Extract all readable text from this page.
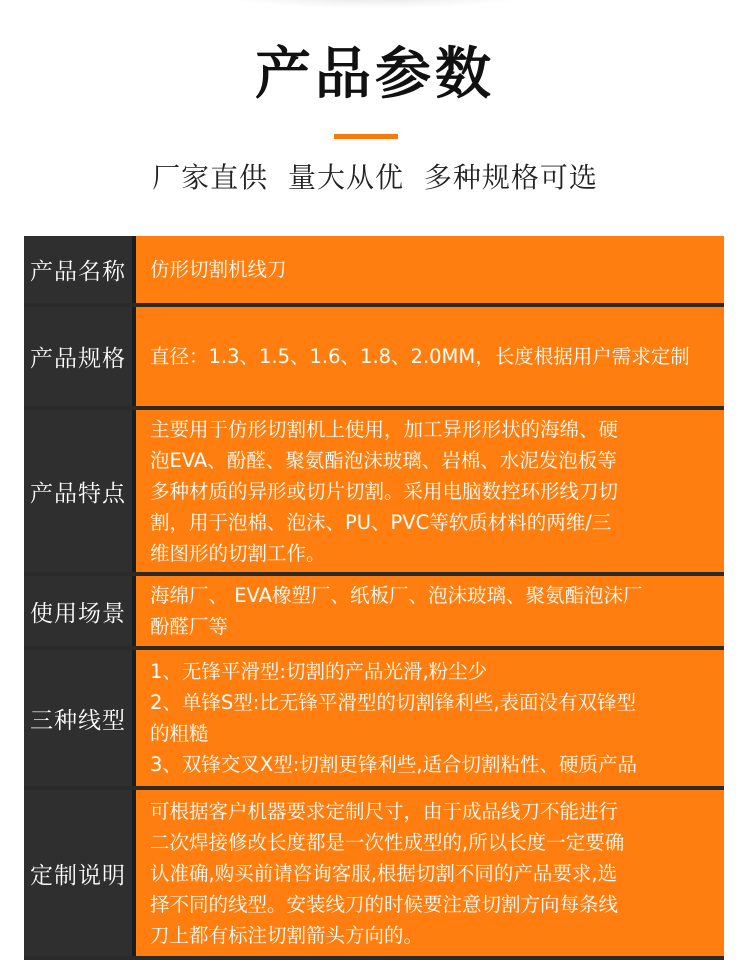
产品参数
厂家直供 量大从优 多种规格可选
产品名称	仿形切割机线刀
产品规格	直径：1.3、1.5、1.6、1.8、2.0MM，长度根据用户需求定制
产品特点
主要用于仿形切割机上使用，加工异形形状的海绵、硬
泡EVA、酚醛、聚氨酯泡沫玻璃、岩棉、水泥发泡板等
多种材质的异形或切片切割。采用电脑数控环形线刀切
割，用于泡棉、泡沫、PU、PVC等软质材料的两维/三
维图形的切割工作。
使用场景
海绵厂、 EVA橡塑厂、纸板厂、泡沫玻璃、聚氨酯泡沫厂
酚醛厂等
三种线型
1、无锋平滑型:切割的产品光滑,粉尘少
2、单锋S型:比无锋平滑型的切割锋利些,表面没有双锋型
的粗糙
3、双锋交叉X型:切割更锋利些,适合切割粘性、硬质产品
定制说明
可根据客户机器要求定制尺寸，由于成品线刀不能进行
二次焊接修改长度都是一次性成型的,所以长度一定要确
认准确,购买前请咨询客服,根据切割不同的产品要求,选
择不同的线型。安装线刀的时候要注意切割方向每条线
刀上都有标注切割箭头方向的。
